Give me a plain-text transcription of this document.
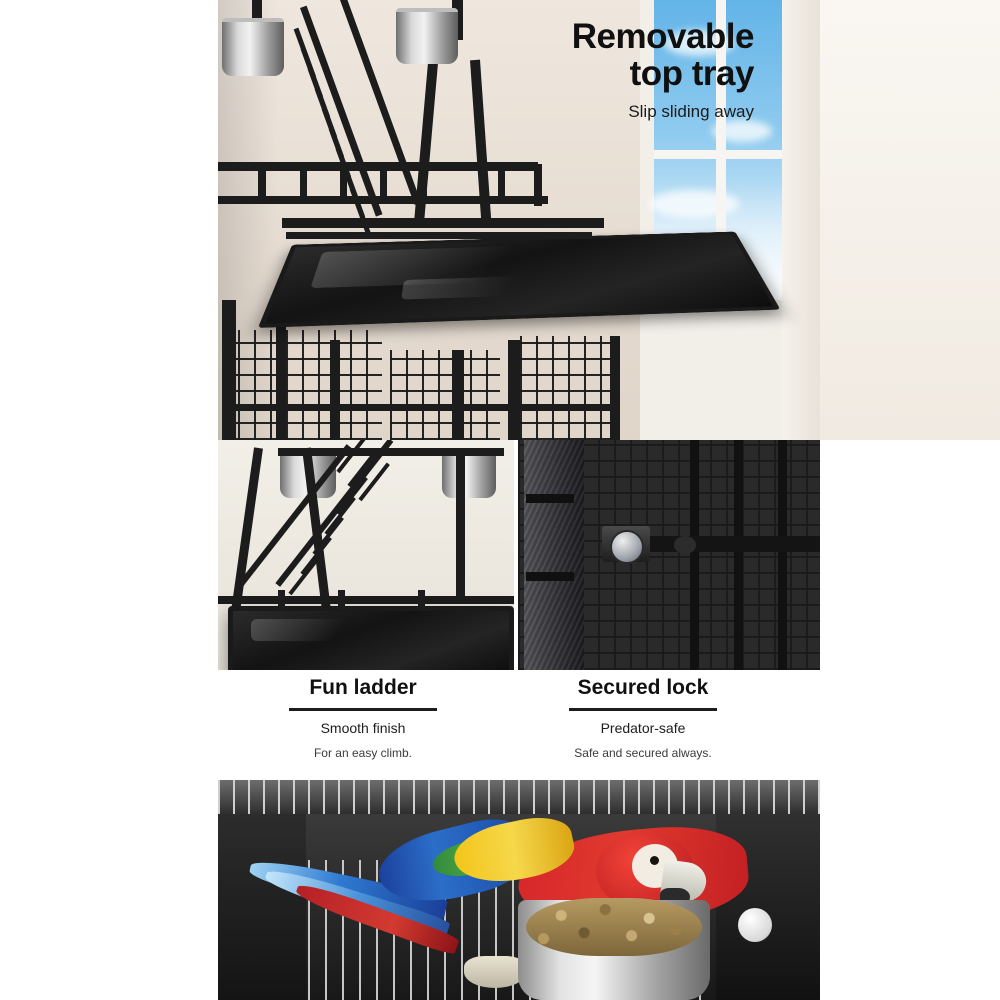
Removable
top tray
Slip sliding away
Fun ladder
Smooth finish
For an easy climb.
Secured lock
Predator-safe
Safe and secured always.
